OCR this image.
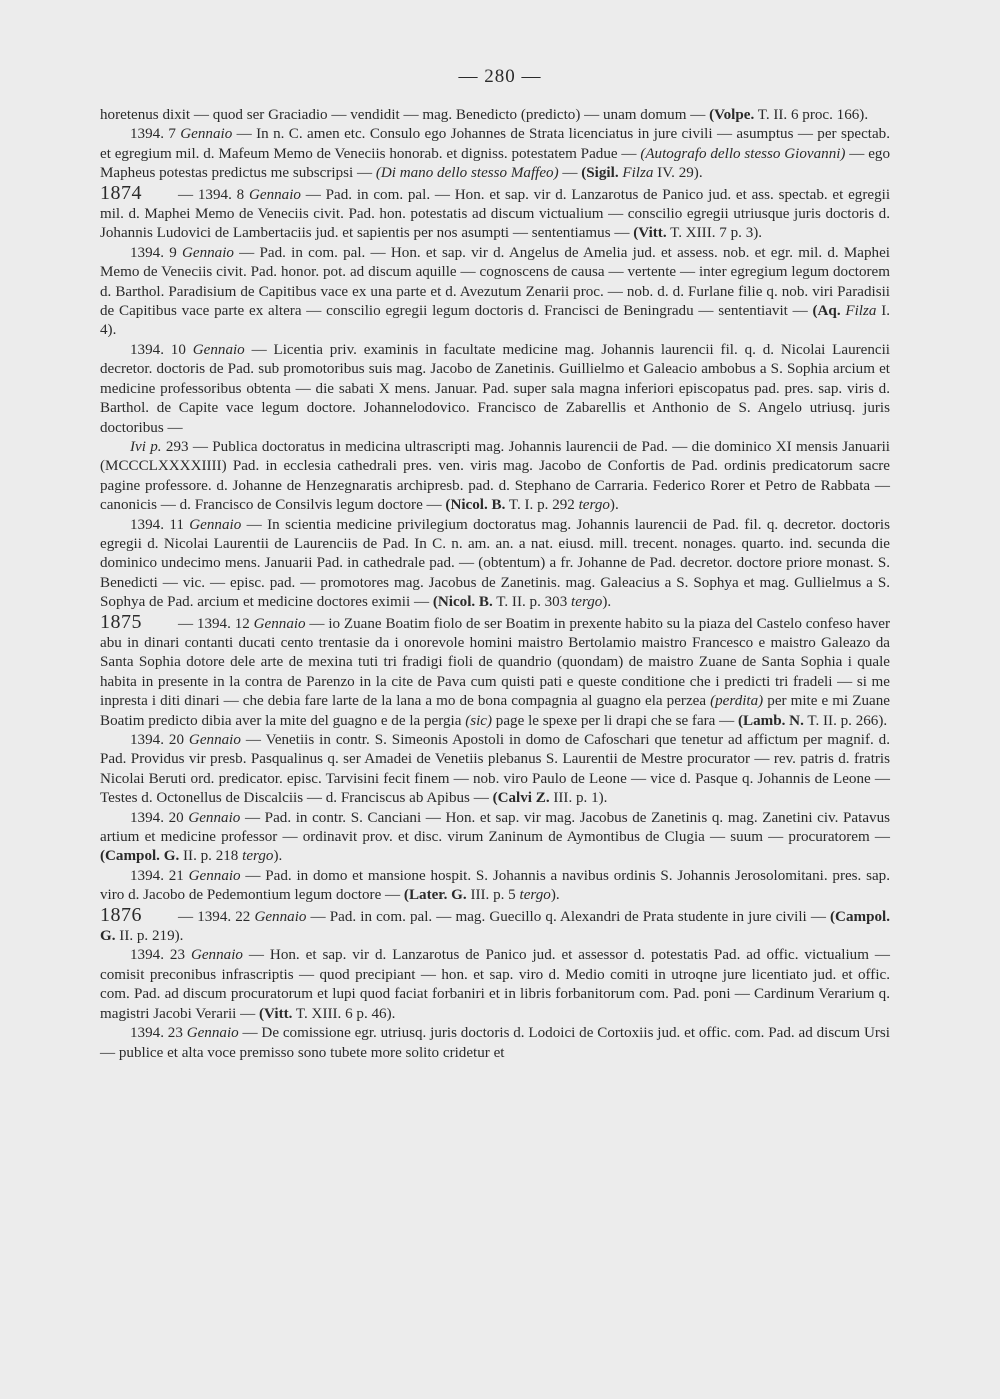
— 280 —

horetenus dixit — quod ser Graciadio — vendidit — mag. Benedicto (predicto) — unam domum — (Volpe. T. II. 6 proc. 166).

1394. 7 Gennaio — In n. C. amen etc. Consulo ego Johannes de Strata licenciatus in jure civili — asumptus — per spectab. et egregium mil. d. Mafeum Memo de Veneciis honorab. et digniss. potestatem Padue — (Autografo dello stesso Giovanni) — ego Mapheus potestas predictus me subscripsi — (Di mano dello stesso Maffeo) — (Sigil. Filza IV. 29).

1874 — 1394. 8 Gennaio — Pad. in com. pal. — Hon. et sap. vir d. Lanzarotus de Panico jud. et ass. spectab. et egregii mil. d. Maphei Memo de Veneciis civit. Pad. hon. potestatis ad discum victualium — conscilio egregii utriusque juris doctoris d. Johannis Ludovici de Lambertaciis jud. et sapientis per nos asumpti — sententiamus — (Vitt. T. XIII. 7 p. 3).

1394. 9 Gennaio — Pad. in com. pal. — Hon. et sap. vir d. Angelus de Amelia jud. et assess. nob. et egr. mil. d. Maphei Memo de Veneciis civit. Pad. honor. pot. ad discum aquille — cognoscens de causa — vertente — inter egregium legum doctorem d. Barthol. Paradisium de Capitibus vace ex una parte et d. Avezutum Zenarii proc. — nob. d. d. Furlane filie q. nob. viri Paradisii de Capitibus vace parte ex altera — conscilio egregii legum doctoris d. Francisci de Beningradu — sententiavit — (Aq. Filza I. 4).

1394. 10 Gennaio — Licentia priv. examinis in facultate medicine mag. Johannis laurencii fil. q. d. Nicolai Laurencii decretor. doctoris de Pad. sub promotoribus suis mag. Jacobo de Zanetinis. Guillielmo et Galeacio ambobus a S. Sophia arcium et medicine professoribus obtenta — die sabati X mens. Januar. Pad. super sala magna inferiori episcopatus pad. pres. sap. viris d. Barthol. de Capite vace legum doctore. Johannelodovico. Francisco de Zabarellis et Anthonio de S. Angelo utriusq. juris doctoribus —

Ivi p. 293 — Publica doctoratus in medicina ultrascripti mag. Johannis laurencii de Pad. — die dominico XI mensis Januarii (MCCCLXXXXIIII) Pad. in ecclesia cathedrali pres. ven. viris mag. Jacobo de Confortis de Pad. ordinis predicatorum sacre pagine professore. d. Johanne de Henzegnaratis archipresb. pad. d. Stephano de Carraria. Federico Rorer et Petro de Rabbata — canonicis — d. Francisco de Consilvis legum doctore — (Nicol. B. T. I. p. 292 tergo).

1394. 11 Gennaio — In scientia medicine privilegium doctoratus mag. Johannis laurencii de Pad. fil. q. decretor. doctoris egregii d. Nicolai Laurentii de Laurenciis de Pad. In C. n. am. an. a nat. eiusd. mill. trecent. nonages. quarto. ind. secunda die dominico undecimo mens. Januarii Pad. in cathedrale pad. — (obtentum) a fr. Johanne de Pad. decretor. doctore priore monast. S. Benedicti — vic. — episc. pad. — promotores mag. Jacobus de Zanetinis. mag. Galeacius a S. Sophya et mag. Gullielmus a S. Sophya de Pad. arcium et medicine doctores eximii — (Nicol. B. T. II. p. 303 tergo).

1875 — 1394. 12 Gennaio — io Zuane Boatim fiolo de ser Boatim in prexente habito su la piaza del Castelo confeso haver abu in dinari contanti ducati cento trentasie da i onorevole homini maistro Bertolamio maistro Francesco e maistro Galeazo da Santa Sophia dotore dele arte de mexina tuti tri fradigi fioli de quandrio (quondam) de maistro Zuane de Santa Sophia i quale habita in presente in la contra de Parenzo in la cite de Pava cum quisti pati e queste conditione che i predicti tri fradeli — si me inpresta i diti dinari — che debia fare larte de la lana a mo de bona compagnia al guagno ela perzea (perdita) per mite e mi Zuane Boatim predicto dibia aver la mite del guagno e de la pergia (sic) page le spexe per li drapi che se fara — (Lamb. N. T. II. p. 266).

1394. 20 Gennaio — Venetiis in contr. S. Simeonis Apostoli in domo de Cafoschari que tenetur ad affictum per magnif. d. Pad. Providus vir presb. Pasqualinus q. ser Amadei de Venetiis plebanus S. Laurentii de Mestre procurator — rev. patris d. fratris Nicolai Beruti ord. predicator. episc. Tarvisini fecit finem — nob. viro Paulo de Leone — vice d. Pasque q. Johannis de Leone — Testes d. Octonellus de Discalciis — d. Franciscus ab Apibus — (Calvi Z. III. p. 1).

1394. 20 Gennaio — Pad. in contr. S. Canciani — Hon. et sap. vir mag. Jacobus de Zanetinis q. mag. Zanetini civ. Patavus artium et medicine professor — ordinavit prov. et disc. virum Zaninum de Aymontibus de Clugia — suum — procuratorem — (Campol. G. II. p. 218 tergo).

1394. 21 Gennaio — Pad. in domo et mansione hospit. S. Johannis a navibus ordinis S. Johannis Jerosolomitani. pres. sap. viro d. Jacobo de Pedemontium legum doctore — (Later. G. III. p. 5 tergo).

1876 — 1394. 22 Gennaio — Pad. in com. pal. — mag. Guecillo q. Alexandri de Prata studente in jure civili — (Campol. G. II. p. 219).

1394. 23 Gennaio — Hon. et sap. vir d. Lanzarotus de Panico jud. et assessor d. potestatis Pad. ad offic. victualium — comisit preconibus infrascriptis — quod precipiant — hon. et sap. viro d. Medio comiti in utroqne jure licentiato jud. et offic. com. Pad. ad discum procuratorum et lupi quod faciat forbaniri et in libris forbanitorum com. Pad. poni — Cardinum Verarium q. magistri Jacobi Verarii — (Vitt. T. XIII. 6 p. 46).

1394. 23 Gennaio — De comissione egr. utriusq. juris doctoris d. Lodoici de Cortoxiis jud. et offic. com. Pad. ad discum Ursi — publice et alta voce premisso sono tubete more solito cridetur et
